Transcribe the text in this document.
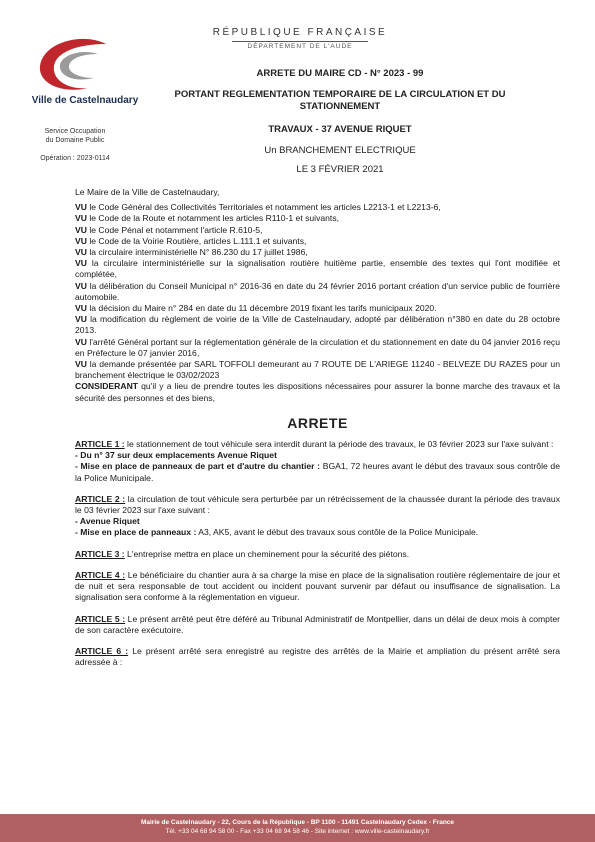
Ville de Castelnaudary
Service Occupation
du Domaine Public
Opération : 2023-0114
RÉPUBLIQUE FRANÇAISE
DÉPARTEMENT DE L'AUDE
ARRETE DU MAIRE CD - N° 2023 - 99
PORTANT REGLEMENTATION TEMPORAIRE DE LA CIRCULATION ET DU
STATIONNEMENT
TRAVAUX - 37 AVENUE RIQUET
Un BRANCHEMENT ELECTRIQUE
LE 3 FÉVRIER 2021

Le Maire de la Ville de Castelnaudary,

VU le Code Général des Collectivités Territoriales et notamment les articles L2213-1 et L2213-6,

VU le Code de la Route et notamment les articles R110-1 et suivants,

VU le Code Pénal et notamment l'article R.610-5,

VU le Code de la Voirie Routière, articles L.111.1 et suivants,

VU la circulaire interministérielle N° 86.230 du 17 juillet 1986,

VU la circulaire interministérielle sur la signalisation routière huitième partie, ensemble des textes qui l'ont modifiée et complétée,

VU la délibération du Conseil Municipal n° 2016-36 en date du 24 février 2016 portant création d'un service public de fourrière automobile.

VU la décision du Maire n° 284 en date du 11 décembre 2019 fixant les tarifs municipaux 2020.

VU la modification du règlement de voirie de la Ville de Castelnaudary, adopté par délibération n°380 en date du 28 octobre 2013.

VU l'arrêté Général portant sur la réglementation générale de la circulation et du stationnement en date du 04 janvier 2016 reçu en Préfecture le 07 janvier 2016,

VU la demande présentée par SARL TOFFOLI demeurant au 7 ROUTE DE L'ARIEGE 11240 - BELVEZE DU RAZES pour un branchement électrique le 03/02/2023

CONSIDERANT qu'il y a lieu de prendre toutes les dispositions nécessaires pour assurer la bonne marche des travaux et la sécurité des personnes et des biens,

ARRETE

ARTICLE 1 : le stationnement de tout véhicule sera interdit durant la période des travaux, le 03 février 2023 sur l'axe suivant :

- Du n° 37 sur deux emplacements Avenue Riquet

- Mise en place de panneaux de part et d'autre du chantier : BGA1, 72 heures avant le début des travaux sous contrôle de la Police Municipale.

ARTICLE 2 : la circulation de tout véhicule sera perturbée par un rétrécissement de la chaussée durant la période des travaux le 03 février 2023 sur l'axe suivant :

- Avenue Riquet

- Mise en place de panneaux : A3, AK5, avant le début des travaux sous contôle de la Police Municipale.

ARTICLE 3 : L'entreprise mettra en place un cheminement pour la sécurité des piétons.

ARTICLE 4 : Le bénéficiaire du chantier aura à sa charge la mise en place de la signalisation routière réglementaire de jour et de nuit et sera responsable de tout accident ou incident pouvant survenir par défaut ou insuffisance de signalisation. La signalisation sera conforme à la réglementation en vigueur.

ARTICLE 5 : Le présent arrêté peut être déféré au Tribunal Administratif de Montpellier, dans un délai de deux mois à compter de son caractère exécutoire.

ARTICLE 6 : Le présent arrêté sera enregistré au registre des arrêtés de la Mairie et ampliation du présent arrêté sera adressée à :

Mairie de Castelnaudary - 22, Cours de la République - BP 1100 - 11491 Castelnaudary Cedex - France
Tél. +33 04 68 94 58 00 - Fax +33 04 68 94 58 46 - Site internet : www.ville-castelnaudary.fr
